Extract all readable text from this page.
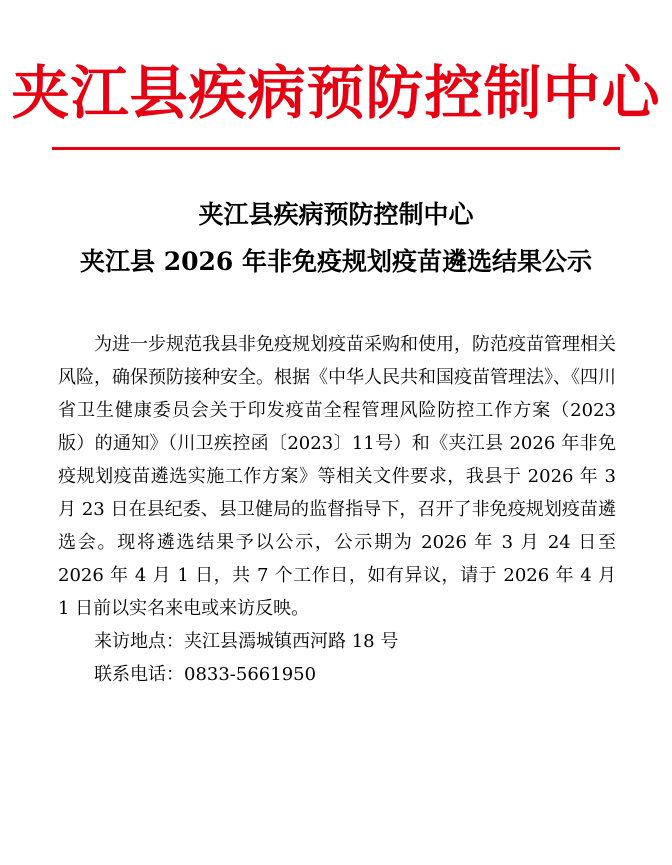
夹江县疾病预防控制中心
夹江县疾病预防控制中心
夹江县 2026 年非免疫规划疫苗遴选结果公示

为进一步规范我县非免疫规划疫苗采购和使用，防范疫苗管理相关风险，确保预防接种安全。根据《中华人民共和国疫苗管理法》、《四川省卫生健康委员会关于印发疫苗全程管理风险防控工作方案（2023版）的通知》（川卫疾控函〔2023〕11号）和《夹江县 2026 年非免疫规划疫苗遴选实施工作方案》等相关文件要求，我县于 2026 年 3 月 23 日在县纪委、县卫健局的监督指导下，召开了非免疫规划疫苗遴选会。现将遴选结果予以公示，公示期为 2026 年 3 月 24 日至 2026 年 4 月 1 日，共 7 个工作日，如有异议，请于 2026 年 4 月 1 日前以实名来电或来访反映。

来访地点：夹江县漹城镇西河路 18 号

联系电话：0833-5661950
